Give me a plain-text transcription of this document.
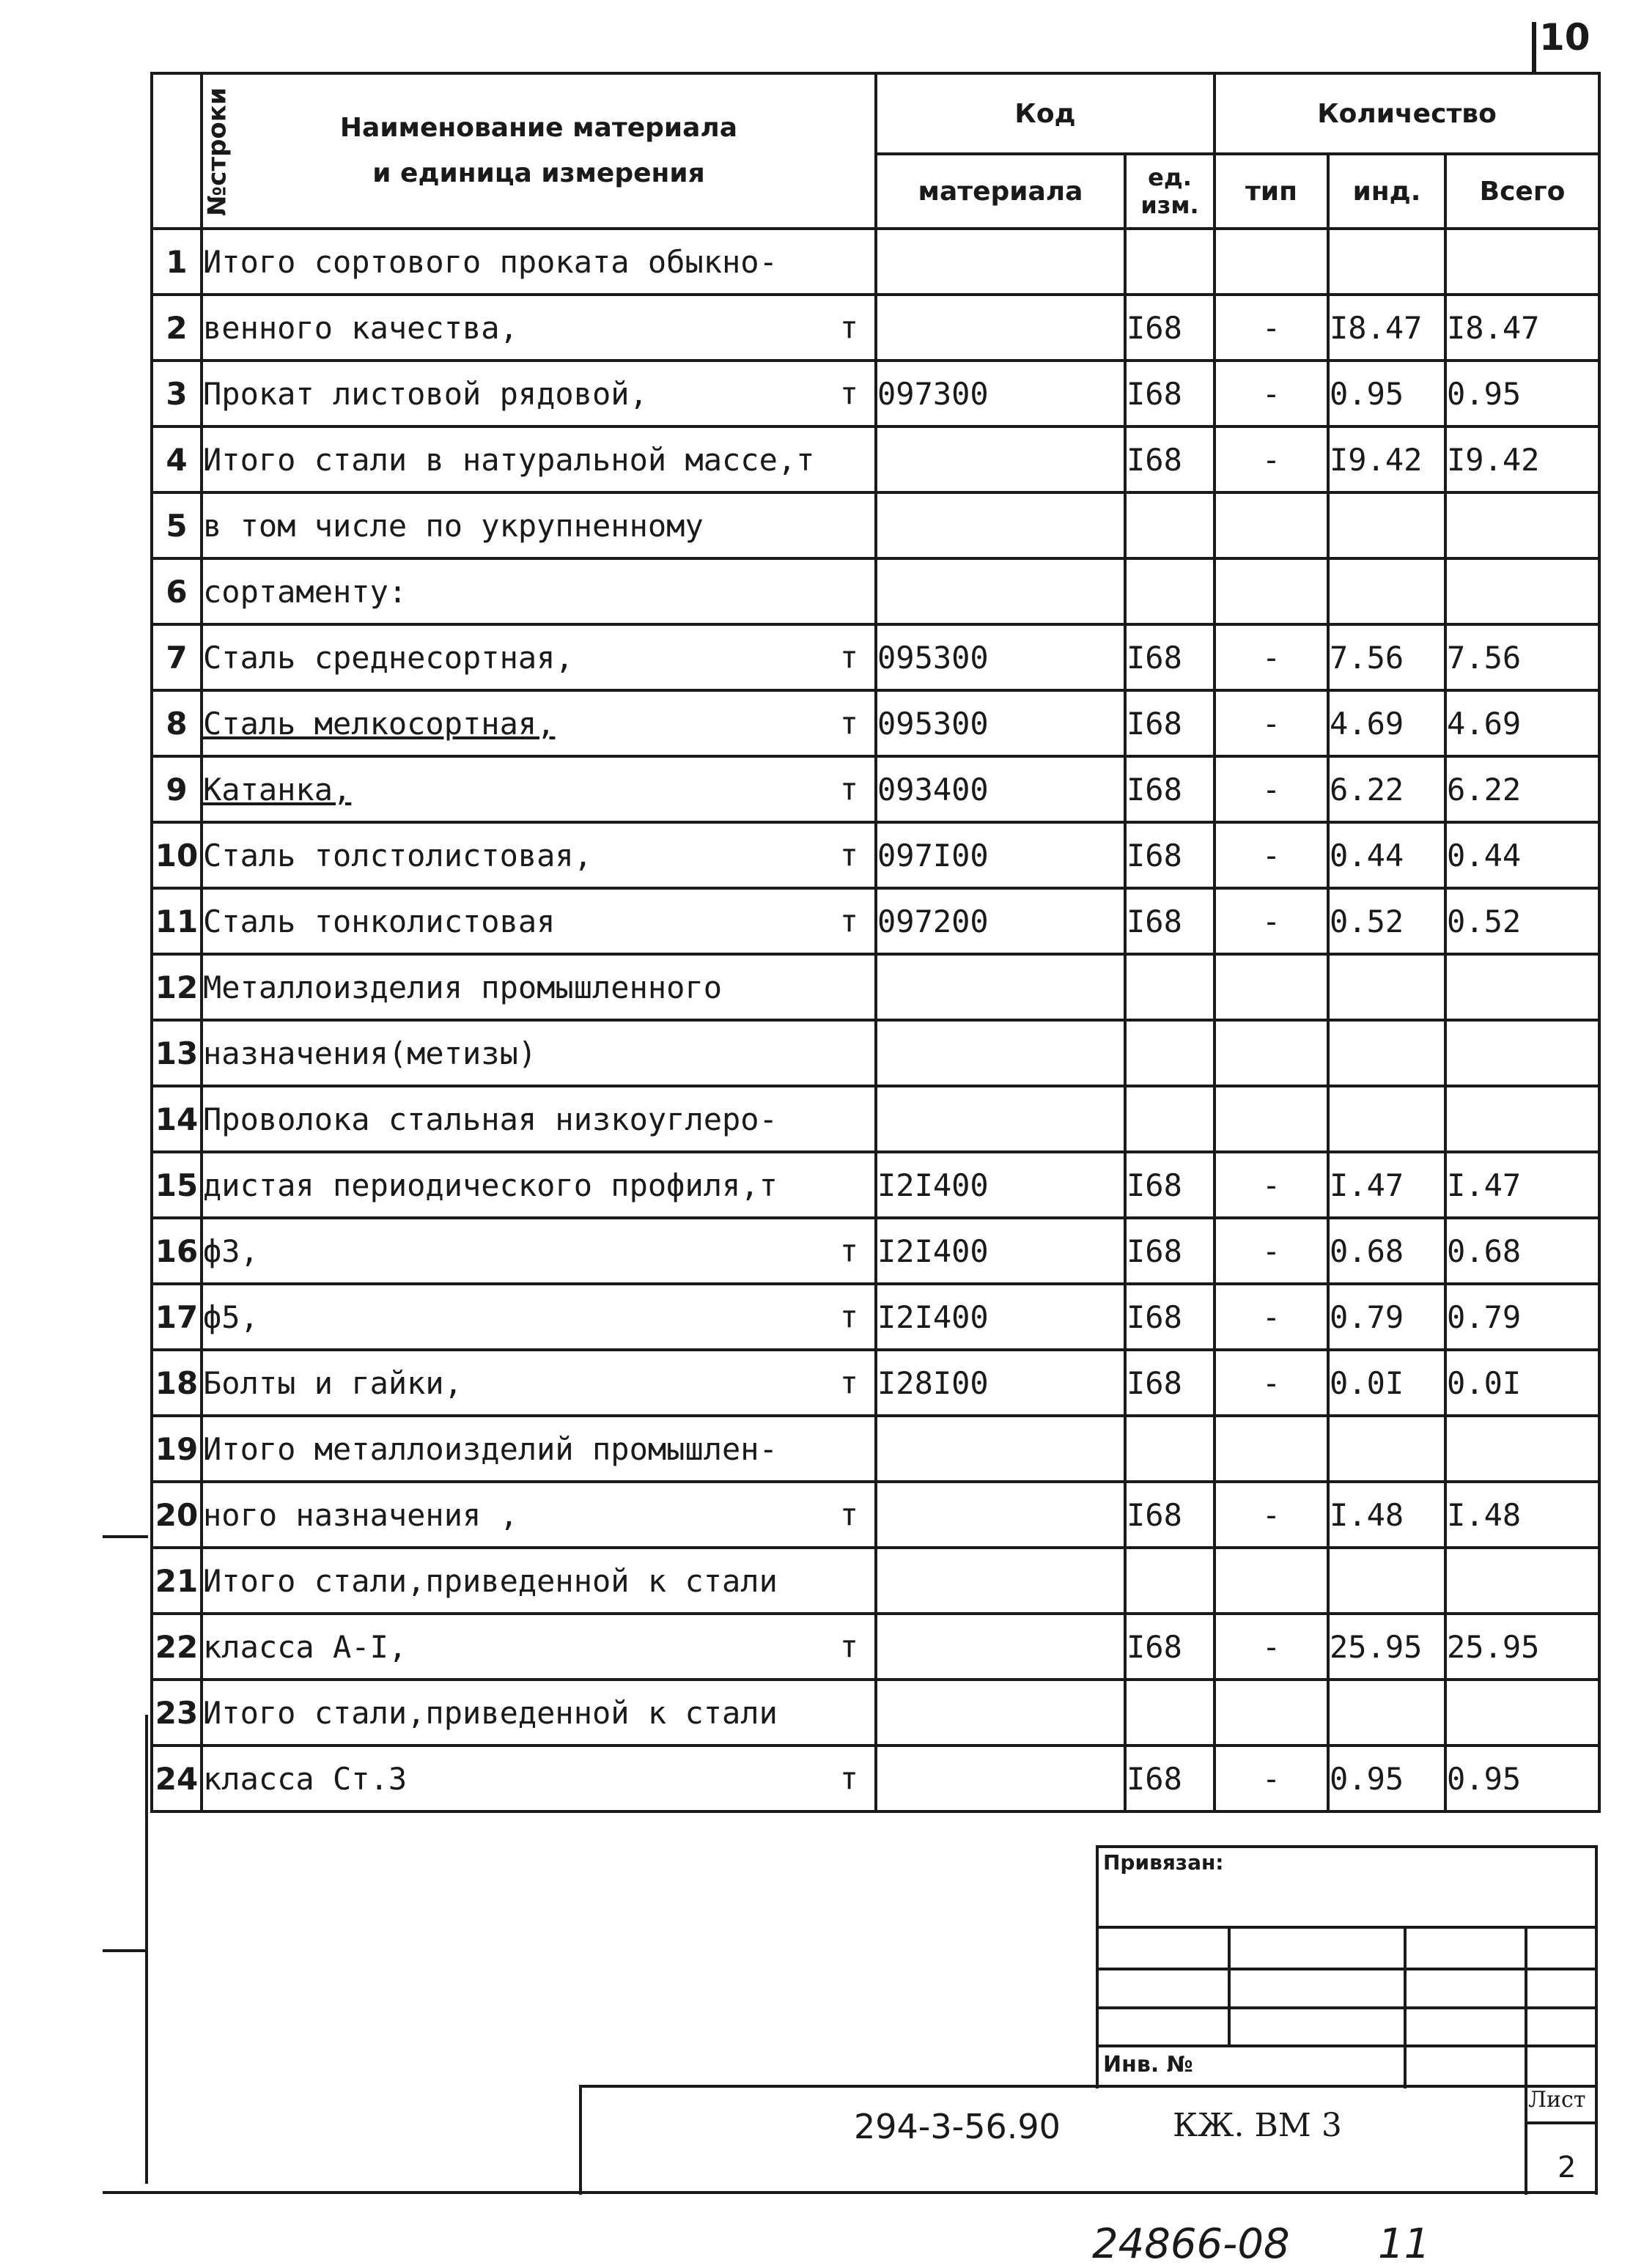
10
№строки	Наименование материала
и единица измерения	Код		Количество		
		материала	ед. изм.	тип	инд.	Всего
1	Итого сортового проката обыкно-

2	венного качества, т		I68	-	I8.47	I8.47
3	Прокат листовой рядовой, т	097300	I68	-	0.95	0.95
4	Итого стали в натуральной массе,т		I68	-	I9.42	I9.42
5	в том числе по укрупненному

6	сортаменту:

7	Сталь среднесортная, т	095300	I68	-	7.56	7.56
8	Сталь мелкосортная, т	095300	I68	-	4.69	4.69
9	Катанка, т	093400	I68	-	6.22	6.22
10	Сталь толстолистовая, т	097I00	I68	-	0.44	0.44
11	Сталь тонколистовая т	097200	I68	-	0.52	0.52
12	Металлоизделия промышленного

13	назначения(метизы)

14	Проволока стальная низкоуглеро-

15	дистая периодического профиля,т	I2I400	I68	-	I.47	I.47
16	ф3, т	I2I400	I68	-	0.68	0.68
17	ф5, т	I2I400	I68	-	0.79	0.79
18	Болты и гайки, т	I28I00	I68	-	0.0I	0.0I
19	Итого металлоизделий промышлен-

20	ного назначения , т		I68	-	I.48	I.48
21	Итого стали,приведенной к стали

22	класса А-I, т		I68	-	25.95	25.95
23	Итого стали,приведенной к стали

24	класса Ст.3 т		I68	-	0.95	0.95
Привязан:
Инв. №
294-3-56.90	КЖ. ВМ 3
Лист
2
24866-08 11
